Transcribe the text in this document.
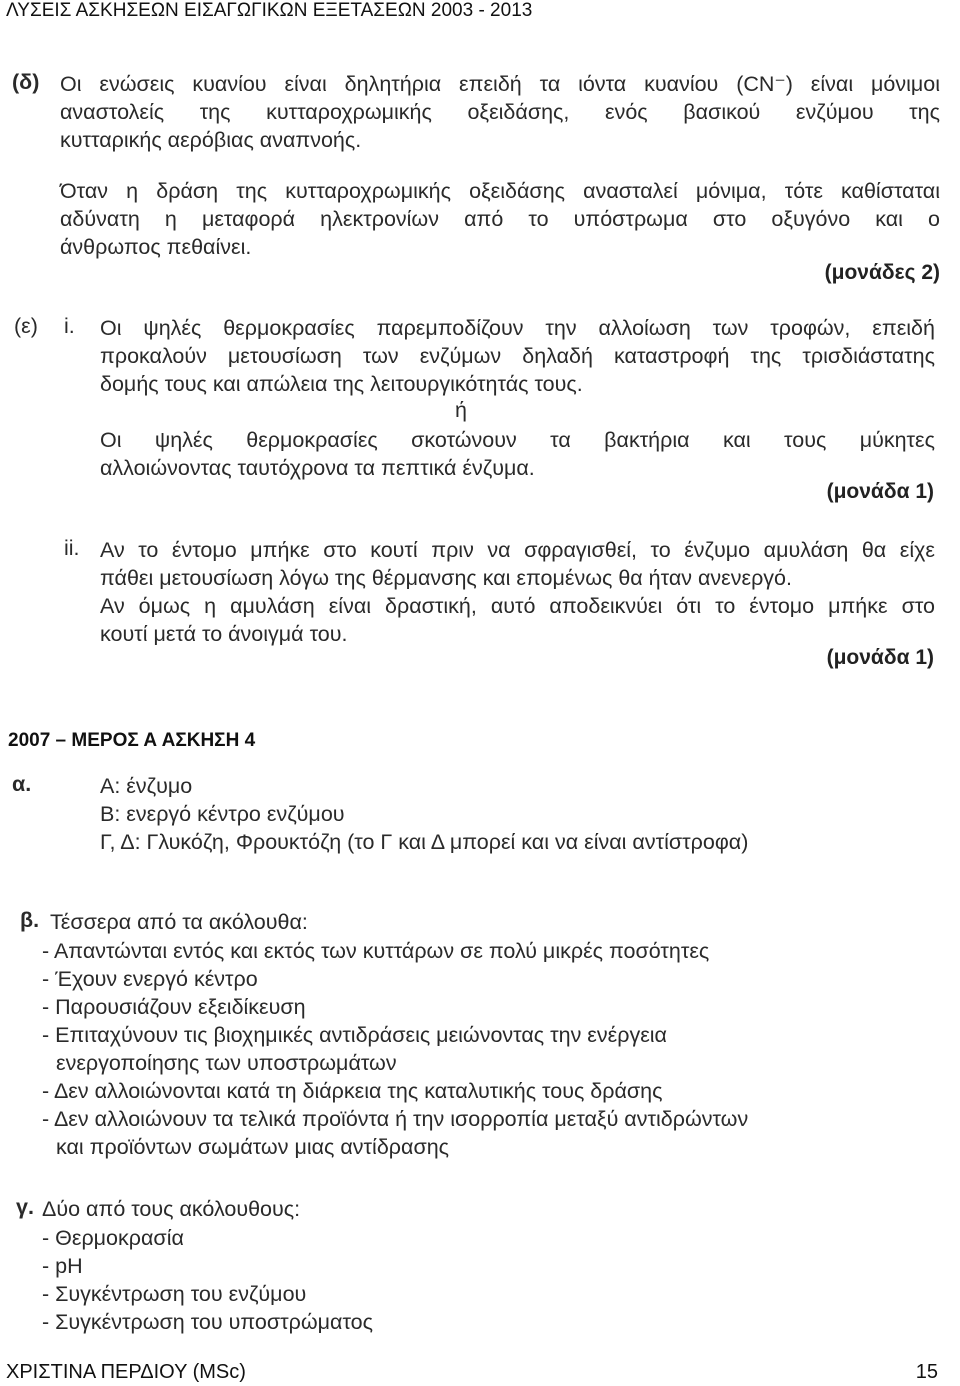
ΛΥΣΕΙΣ ΑΣΚΗΣΕΩΝ ΕΙΣΑΓΩΓΙΚΩΝ ΕΞΕΤΑΣΕΩΝ 2003 - 2013
(δ) Οι ενώσεις κυανίου είναι δηλητήρια επειδή τα ιόντα κυανίου (CN⁻) είναι μόνιμοι
αναστολείς της κυτταροχρωμικής οξειδάσης, ενός βασικού ενζύμου της
κυτταρικής αερόβιας αναπνοής.
Όταν η δράση της κυτταροχρωμικής οξειδάσης ανασταλεί μόνιμα, τότε καθίσταται
αδύνατη η μεταφορά ηλεκτρονίων από το υπόστρωμα στο οξυγόνο και ο
άνθρωπος πεθαίνει.
(μονάδες 2)
(ε) i. Οι ψηλές θερμοκρασίες παρεμποδίζουν την αλλοίωση των τροφών, επειδή
προκαλούν μετουσίωση των ενζύμων δηλαδή καταστροφή της τρισδιάστατης
δομής τους και απώλεια της λειτουργικότητάς τους.
ή
Οι ψηλές θερμοκρασίες σκοτώνουν τα βακτήρια και τους μύκητες
αλλοιώνοντας ταυτόχρονα τα πεπτικά ένζυμα.
(μονάδα 1)
ii. Αν το έντομο μπήκε στο κουτί πριν να σφραγισθεί, το ένζυμο αμυλάση θα είχε
πάθει μετουσίωση λόγω της θέρμανσης και επομένως θα ήταν ανενεργό.
Αν όμως η αμυλάση είναι δραστική, αυτό αποδεικνύει ότι το έντομο μπήκε στο
κουτί μετά το άνοιγμά του.
(μονάδα 1)
2007 – ΜΕΡΟΣ Α ΑΣΚΗΣΗ 4
α.	Α: ένζυμο
Β: ενεργό κέντρο ενζύμου
Γ, Δ: Γλυκόζη, Φρουκτόζη (το Γ και Δ μπορεί και να είναι αντίστροφα)
β. Τέσσερα από τα ακόλουθα:
- Απαντώνται εντός και εκτός των κυττάρων σε πολύ μικρές ποσότητες
- Έχουν ενεργό κέντρο
- Παρουσιάζουν εξειδίκευση
- Επιταχύνουν τις βιοχημικές αντιδράσεις μειώνοντας την ενέργεια
ενεργοποίησης των υποστρωμάτων
- Δεν αλλοιώνονται κατά τη διάρκεια της καταλυτικής τους δράσης
- Δεν αλλοιώνουν τα τελικά προϊόντα ή την ισορροπία μεταξύ αντιδρώντων
και προϊόντων σωμάτων μιας αντίδρασης
γ. Δύο από τους ακόλουθους:
- Θερμοκρασία
- pH
- Συγκέντρωση του ενζύμου
- Συγκέντρωση του υποστρώματος
ΧΡΙΣΤΙΝΑ ΠΕΡΔΙΟΥ (MSc)	15
